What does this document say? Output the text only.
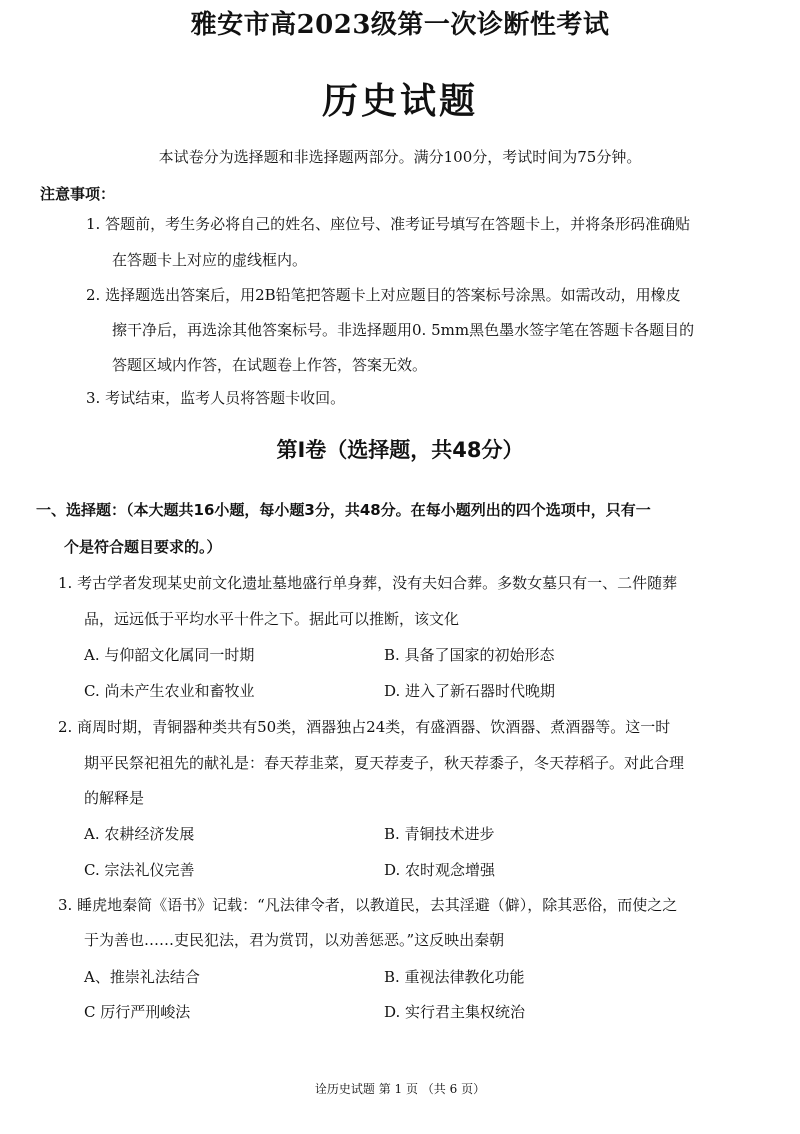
雅安市高2023级第一次诊断性考试
历史试题
本试卷分为选择题和非选择题两部分。满分100分，考试时间为75分钟。
注意事项：
1. 答题前，考生务必将自己的姓名、座位号、准考证号填写在答题卡上，并将条形码准确贴
在答题卡上对应的虚线框内。
2. 选择题选出答案后，用2B铅笔把答题卡上对应题目的答案标号涂黑。如需改动，用橡皮
擦干净后，再选涂其他答案标号。非选择题用0. 5mm黑色墨水签字笔在答题卡各题目的
答题区域内作答，在试题卷上作答，答案无效。
3. 考试结束，监考人员将答题卡收回。
第Ⅰ卷（选择题，共48分）
一、选择题：（本大题共16小题，每小题3分，共48分。在每小题列出的四个选项中，只有一
个是符合题目要求的。）
1. 考古学者发现某史前文化遗址墓地盛行单身葬，没有夫妇合葬。多数女墓只有一、二件随葬
品，远远低于平均水平十件之下。据此可以推断，该文化
A. 与仰韶文化属同一时期	B. 具备了国家的初始形态
C. 尚未产生农业和畜牧业	D. 进入了新石器时代晚期
2. 商周时期，青铜器种类共有50类，酒器独占24类，有盛酒器、饮酒器、煮酒器等。这一时
期平民祭祀祖先的献礼是：春天荐韭菜，夏天荐麦子，秋天荐黍子，冬天荐稻子。对此合理
的解释是
A. 农耕经济发展	B. 青铜技术进步
C. 宗法礼仪完善	D. 农时观念增强
3. 睡虎地秦简《语书》记载：“凡法律令者，以教道民，去其淫避（僻），除其恶俗，而使之之
于为善也……吏民犯法，君为赏罚，以劝善惩恶。”这反映出秦朝
A、推崇礼法结合	B. 重视法律教化功能
C 厉行严刑峻法	D. 实行君主集权统治
诠历史试题 第 1 页 （共 6 页）
